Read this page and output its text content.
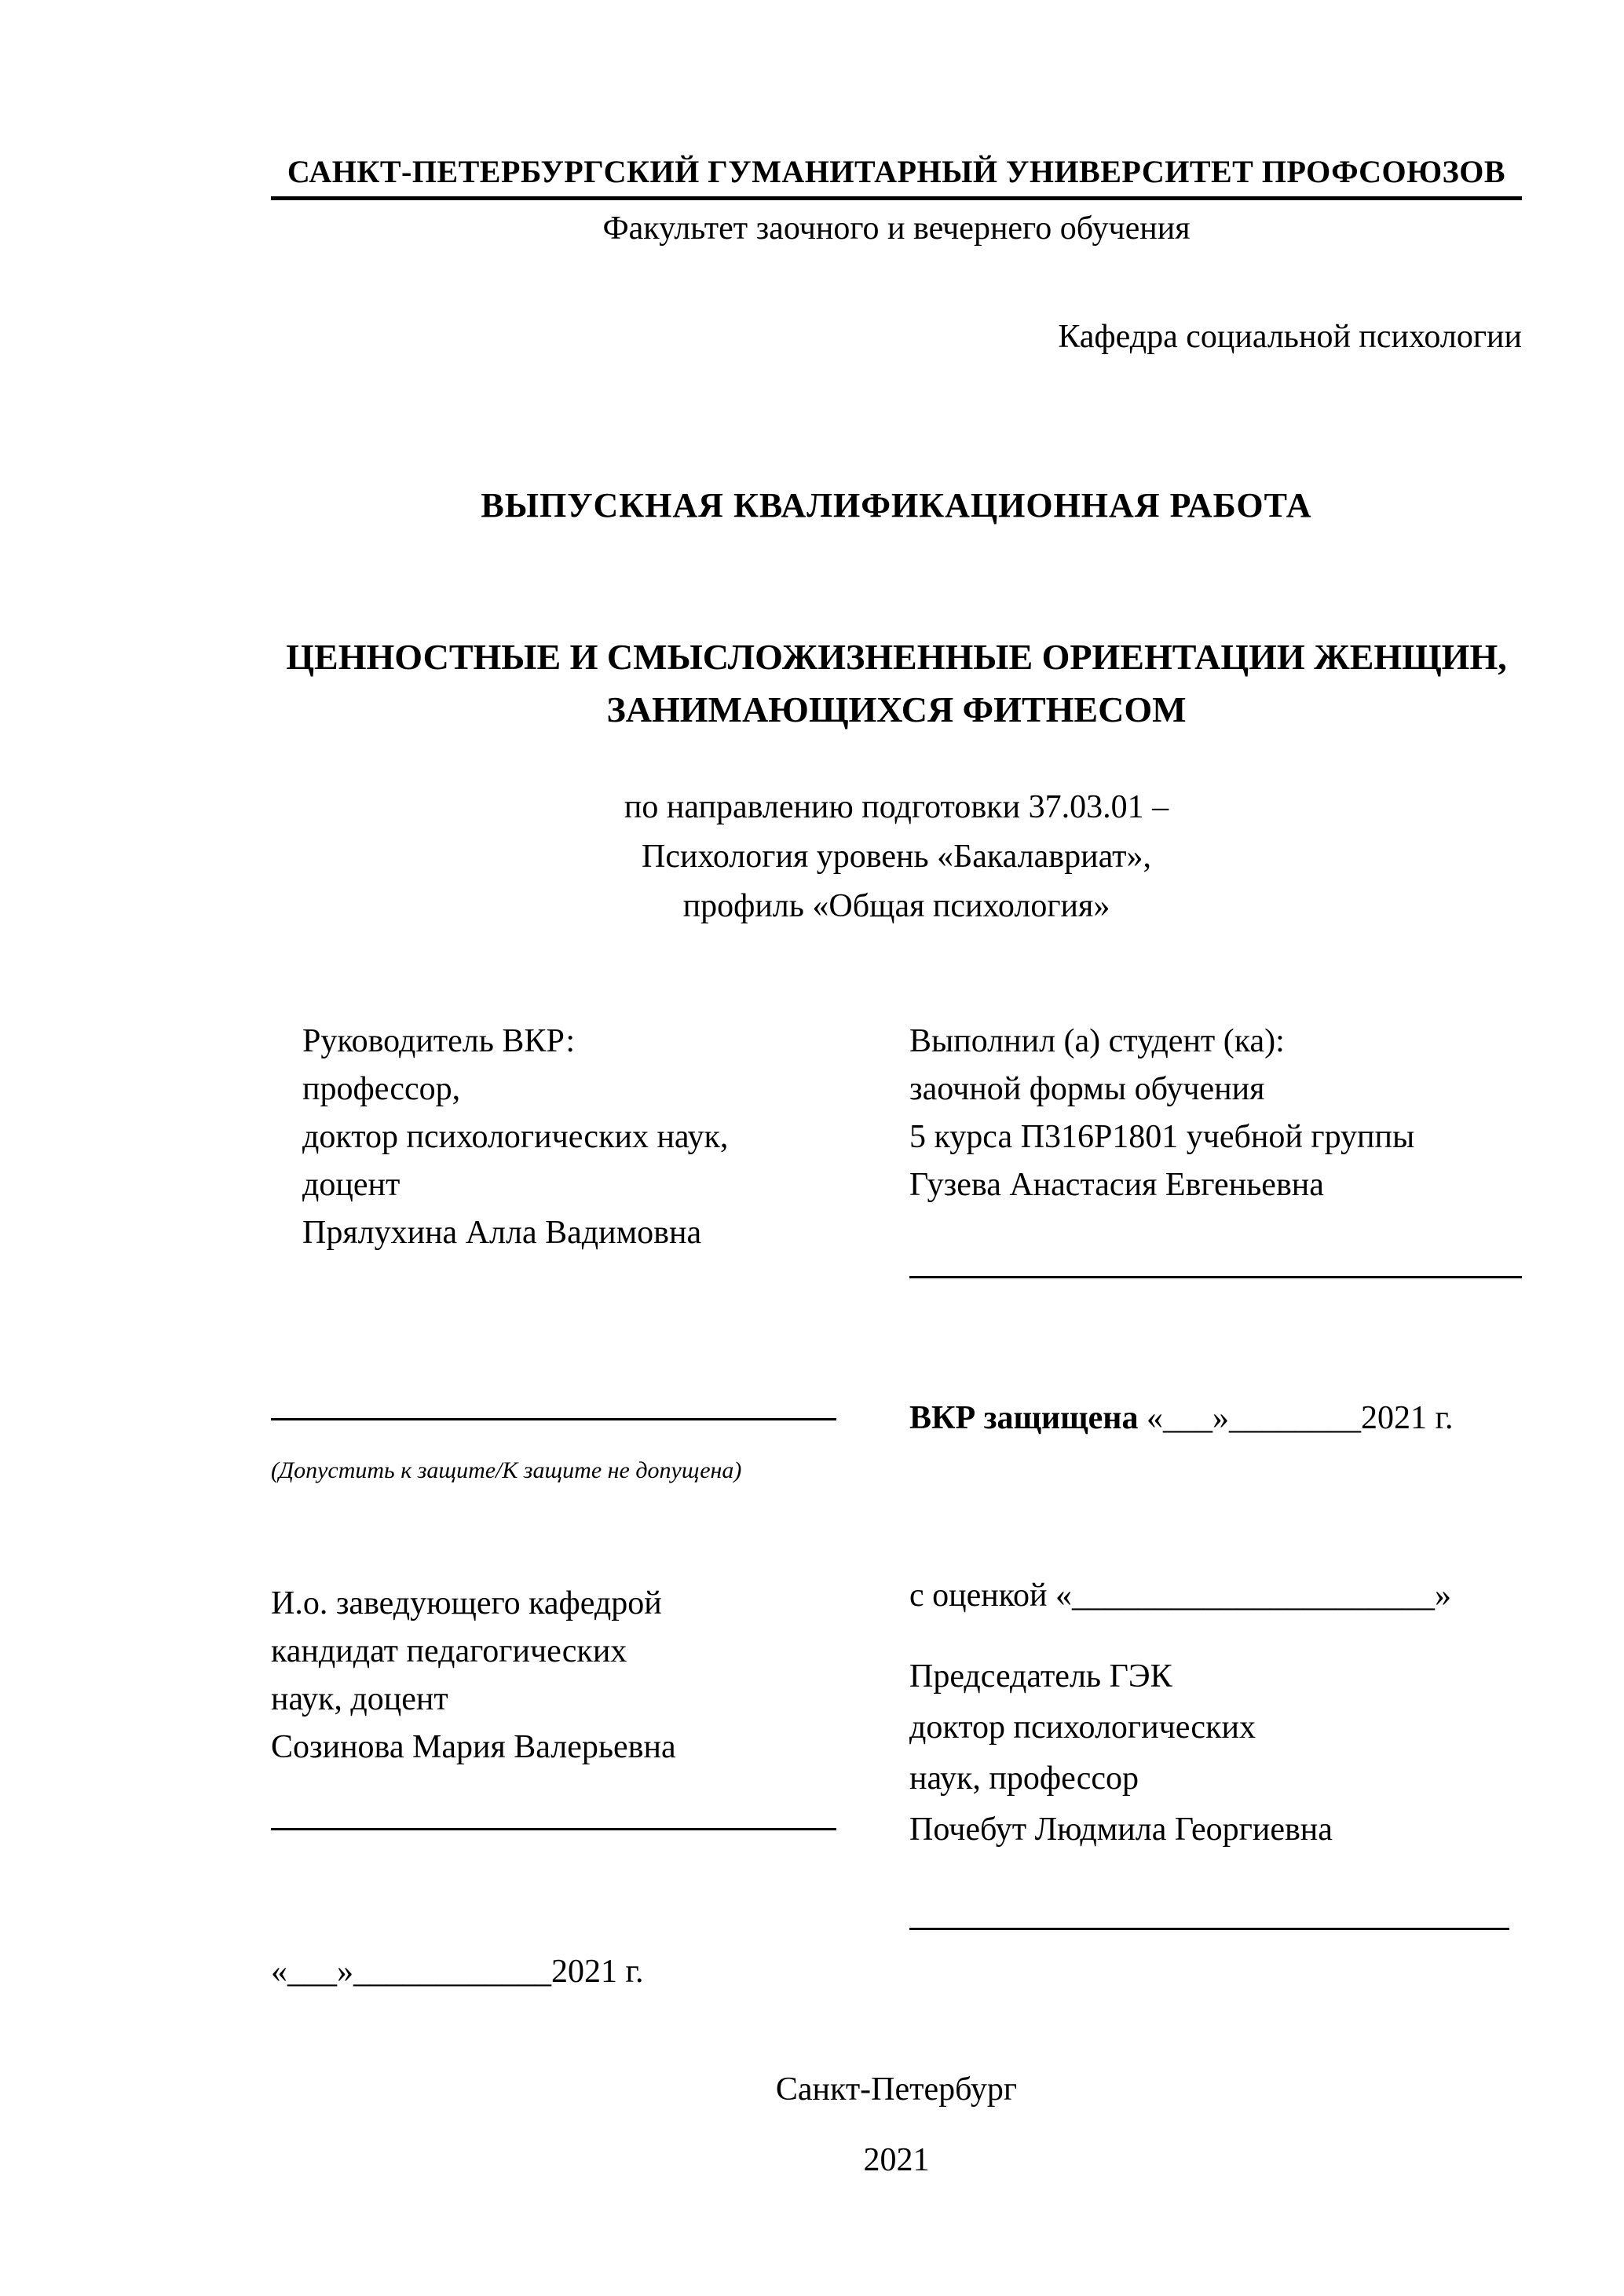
САНКТ-ПЕТЕРБУРГСКИЙ ГУМАНИТАРНЫЙ УНИВЕРСИТЕТ ПРОФСОЮЗОВ
Факультет заочного и вечернего обучения
Кафедра социальной психологии
ВЫПУСКНАЯ КВАЛИФИКАЦИОННАЯ РАБОТА
ЦЕННОСТНЫЕ И СМЫСЛОЖИЗНЕННЫЕ ОРИЕНТАЦИИ ЖЕНЩИН,
ЗАНИМАЮЩИХСЯ ФИТНЕСОМ
по направлению подготовки 37.03.01 –
Психология уровень «Бакалавриат»,
профиль «Общая психология»
Руководитель ВКР:
профессор,
доктор психологических наук,
доцент
Прялухина Алла Вадимовна
(Допустить к защите/К защите не допущена)
И.о. заведующего кафедрой
кандидат педагогических
наук, доцент
Созинова Мария Валерьевна
«___»____________2021 г.
Выполнил (а) студент (ка):
заочной формы обучения
5 курса П316Р1801 учебной группы
Гузева Анастасия Евгеньевна
ВКР защищена «___»________2021 г.
с оценкой «______________________»
Председатель ГЭК
доктор психологических
наук, профессор
Почебут Людмила Георгиевна
Санкт-Петербург
2021
